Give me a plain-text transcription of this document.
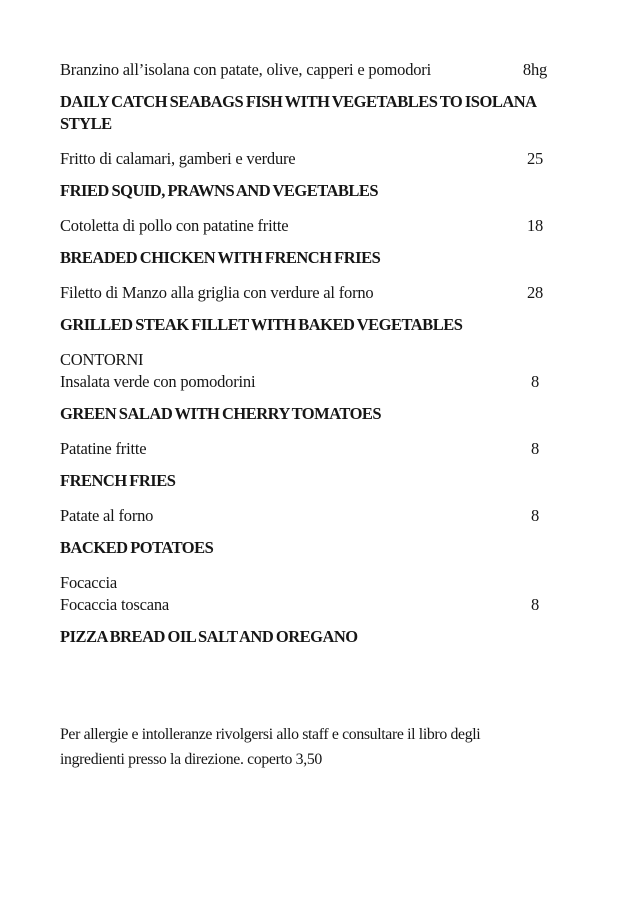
Branzino all’isolana con patate, olive, capperi e pomodori	8hg
DAILY CATCH SEABAGS FISH WITH VEGETABLES TO ISOLANA
STYLE
Fritto di calamari, gamberi e verdure	25
FRIED SQUID, PRAWNS AND VEGETABLES
Cotoletta di pollo con patatine fritte	18
BREADED CHICKEN WITH FRENCH FRIES
Filetto di Manzo alla griglia con verdure al forno	28
GRILLED STEAK FILLET WITH BAKED VEGETABLES
CONTORNI
Insalata verde con pomodorini	8
GREEN SALAD WITH CHERRY TOMATOES
Patatine fritte	8
FRENCH FRIES
Patate al forno	8
BACKED POTATOES
Focaccia
Focaccia toscana	8
PIZZA BREAD OIL SALT AND OREGANO
Per allergie e intolleranze rivolgersi allo staff e consultare il libro degli
ingredienti presso la direzione. coperto 3,50
